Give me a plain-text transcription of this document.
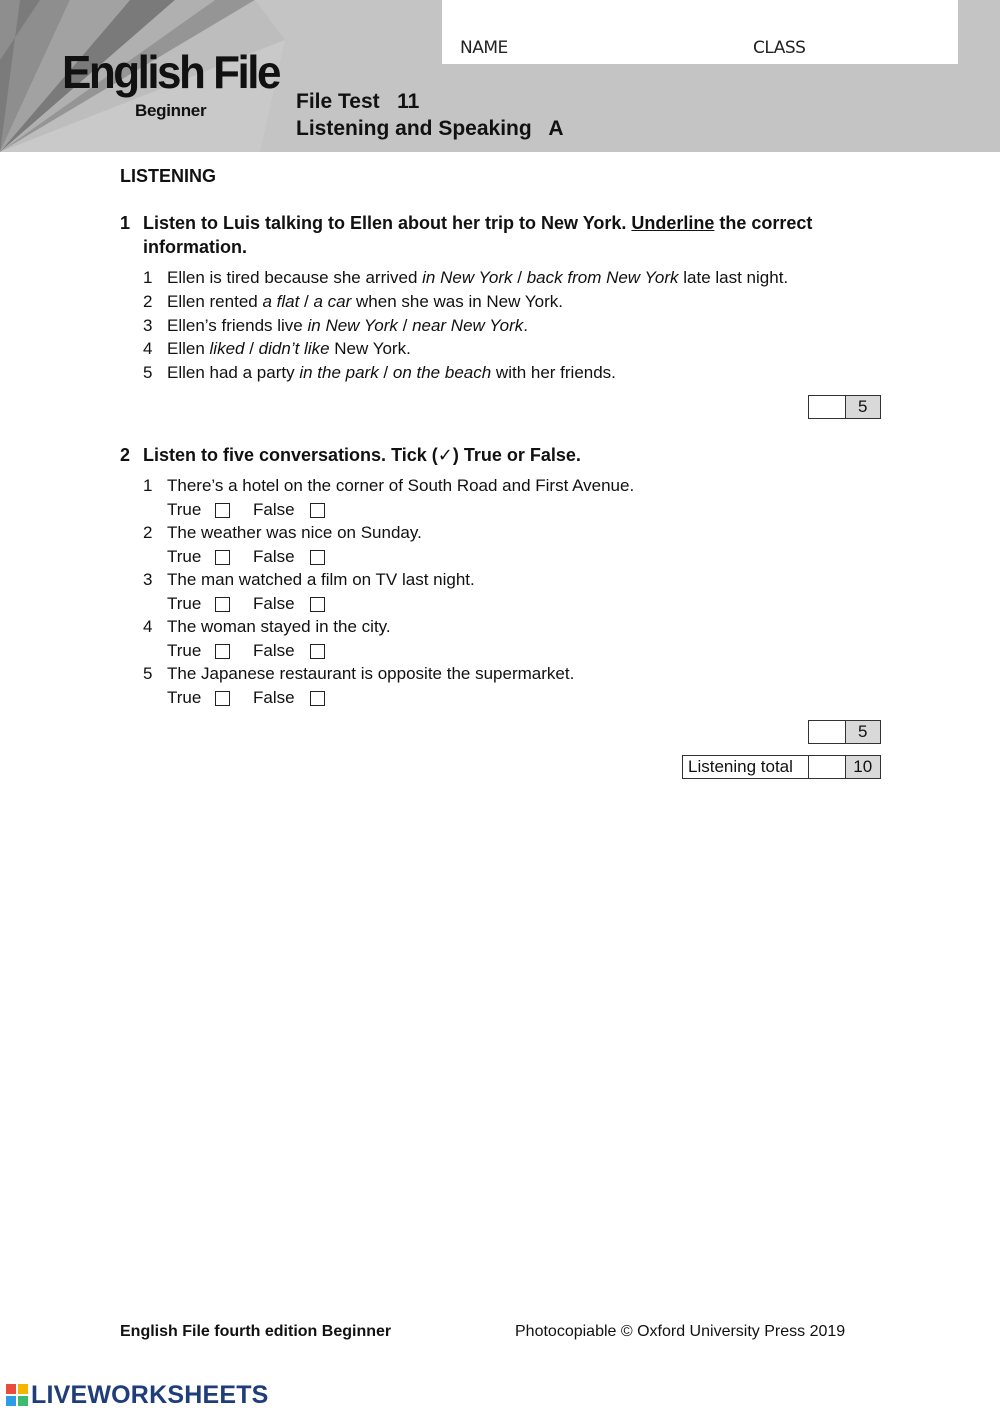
English File
Beginner
NAME	CLASS
File Test   11
Listening and Speaking   A
LISTENING
1 Listen to Luis talking to Ellen about her trip to New York. Underline the correct information.
1 Ellen is tired because she arrived in New York / back from New York late last night.
2 Ellen rented a flat / a car when she was in New York.
3 Ellen’s friends live in New York / near New York.
4 Ellen liked / didn’t like New York.
5 Ellen had a party in the park / on the beach with her friends.
5
2 Listen to five conversations. Tick (✓) True or False.
1 There’s a hotel on the corner of South Road and First Avenue.
True	False
2 The weather was nice on Sunday.
True	False
3 The man watched a film on TV last night.
True	False
4 The woman stayed in the city.
True	False
5 The Japanese restaurant is opposite the supermarket.
True	False
5
Listening total	10
English File fourth edition Beginner	Photocopiable © Oxford University Press 2019
LIVEWORKSHEETS
